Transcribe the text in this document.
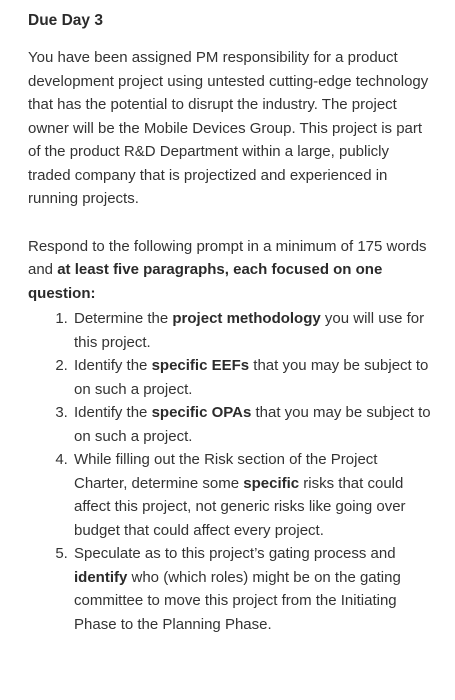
Due Day 3

You have been assigned PM responsibility for a product development project using untested cutting-edge technology that has the potential to disrupt the industry. The project owner will be the Mobile Devices Group. This project is part of the product R&D Department within a large, publicly traded company that is projectized and experienced in running projects.

Respond to the following prompt in a minimum of 175 words and at least five paragraphs, each focused on one question:

1. Determine the project methodology you will use for this project.
2. Identify the specific EEFs that you may be subject to on such a project.
3. Identify the specific OPAs that you may be subject to on such a project.
4. While filling out the Risk section of the Project Charter, determine some specific risks that could affect this project, not generic risks like going over budget that could affect every project.
5. Speculate as to this project’s gating process and identify who (which roles) might be on the gating committee to move this project from the Initiating Phase to the Planning Phase.
